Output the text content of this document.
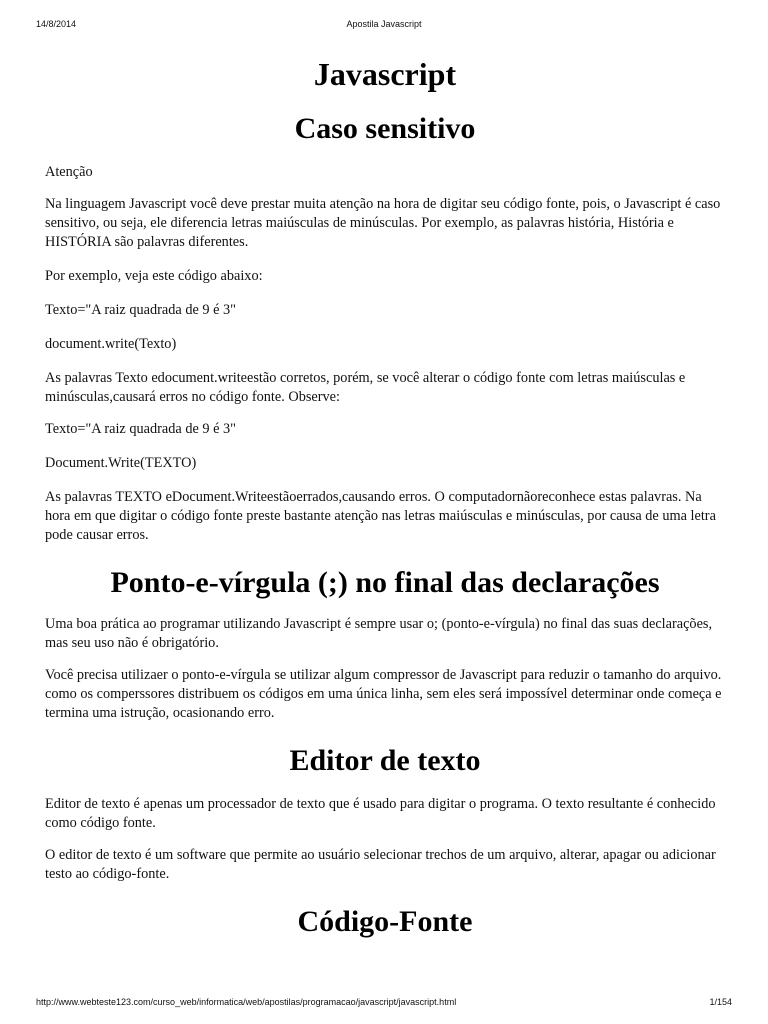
14/8/2014	Apostila Javascript
Javascript
Caso sensitivo

Atenção

Na linguagem Javascript você deve prestar muita atenção na hora de digitar seu código fonte, pois, o Javascript é caso sensitivo, ou seja, ele diferencia letras maiúsculas de minúsculas. Por exemplo, as palavras história, História e HISTÓRIA são palavras diferentes.

Por exemplo, veja este código abaixo:

Texto="A raiz quadrada de 9 é 3"

document.write(Texto)

As palavras Texto edocument.writeestão corretos, porém, se você alterar o código fonte com letras maiúsculas e minúsculas,causará erros no código fonte. Observe:

Texto="A raiz quadrada de 9 é 3"

Document.Write(TEXTO)

As palavras TEXTO eDocument.Writeestãoerrados,causando erros. O computadornãoreconhece estas palavras. Na hora em que digitar o código fonte preste bastante atenção nas letras maiúsculas e minúsculas, por causa de uma letra pode causar erros.

Ponto-e-vírgula (;) no final das declarações

Uma boa prática ao programar utilizando Javascript é sempre usar o; (ponto-e-vírgula) no final das suas declarações, mas seu uso não é obrigatório.

Você precisa utilizaer o ponto-e-vírgula se utilizar algum compressor de Javascript para reduzir o tamanho do arquivo. como os comperssores distribuem os códigos em uma única linha, sem eles será impossível determinar onde começa e termina uma istrução, ocasionando erro.

Editor de texto

Editor de texto é apenas um processador de texto que é usado para digitar o programa. O texto resultante é conhecido como código fonte.

O editor de texto é um software que permite ao usuário selecionar trechos de um arquivo, alterar, apagar ou adicionar testo ao código-fonte.

Código-Fonte
http://www.webteste123.com/curso_web/informatica/web/apostilas/programacao/javascript/javascript.html	1/154
